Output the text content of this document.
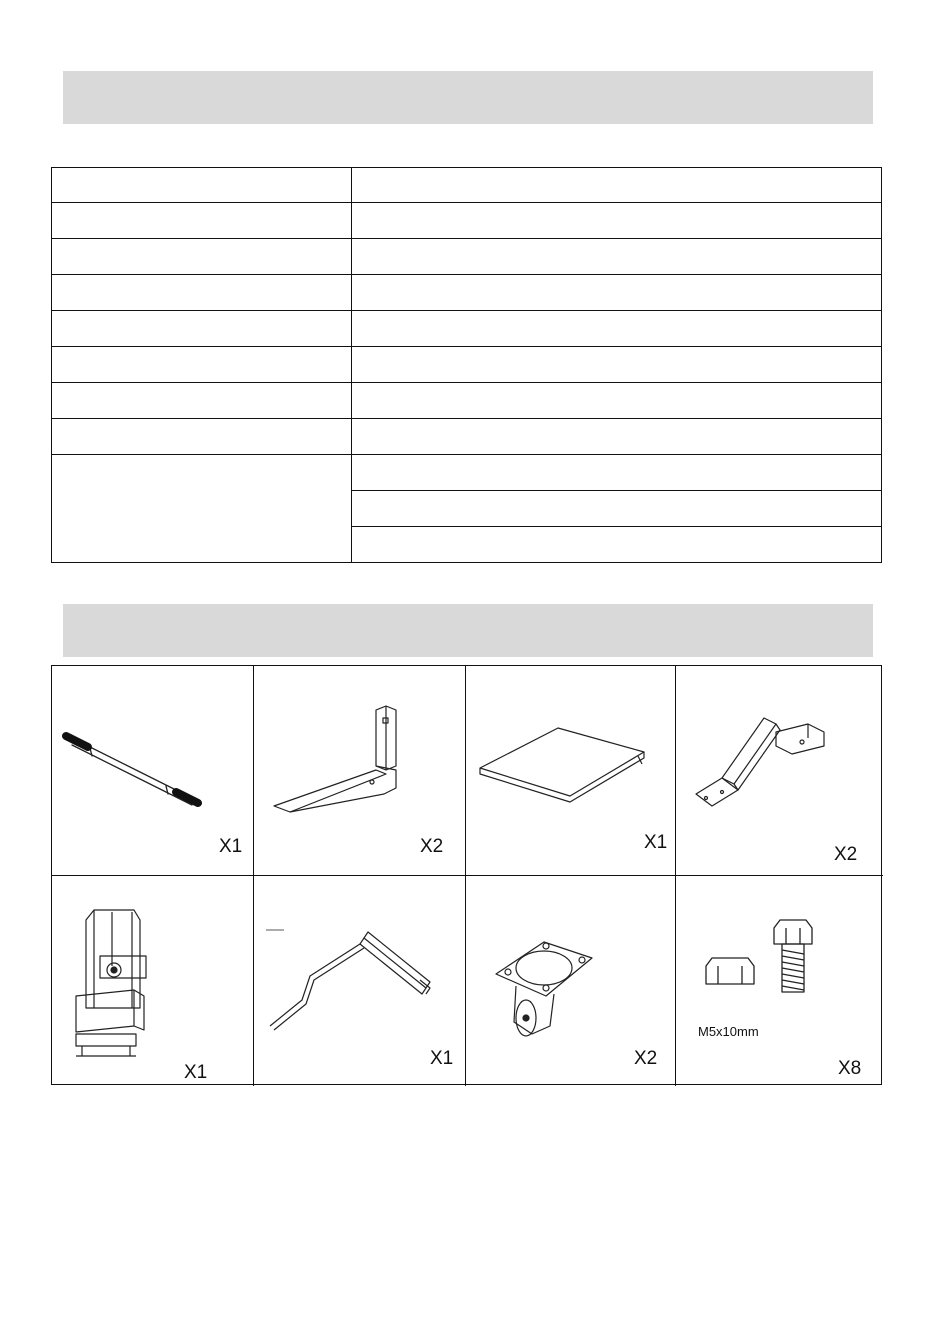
X1	X2	X1
X2
X1
X1	X2
M5x10mm
X8
